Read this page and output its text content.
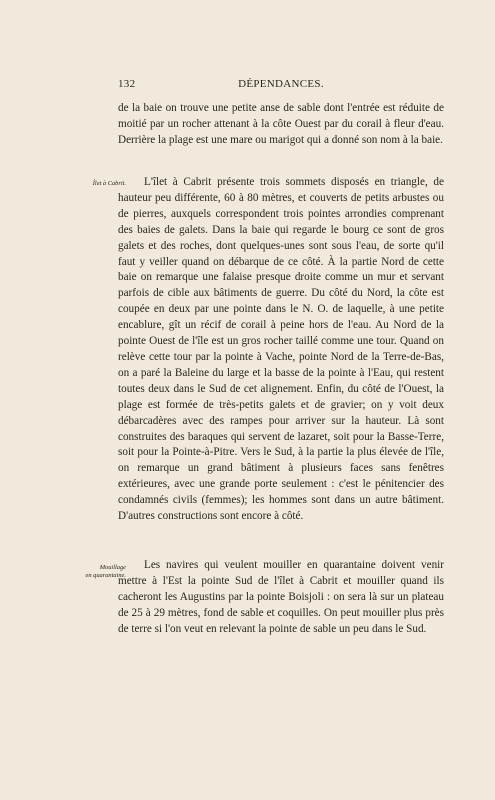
132	DÉPENDANCES.

de la baie on trouve une petite anse de sable dont l'entrée est réduite de moitié par un rocher attenant à la côte Ouest par du corail à fleur d'eau. Derrière la plage est une mare ou marigot qui a donné son nom à la baie.

Îlet à Cabrit.	L'îlet à Cabrit présente trois sommets disposés en triangle, de hauteur peu différente, 60 à 80 mètres, et couverts de petits arbustes ou de pierres, auxquels correspondent trois pointes arrondies comprenant des baies de galets. Dans la baie qui regarde le bourg ce sont de gros galets et des roches, dont quelques-unes sont sous l'eau, de sorte qu'il faut y veiller quand on débarque de ce côté. À la partie Nord de cette baie on remarque une falaise presque droite comme un mur et servant parfois de cible aux bâtiments de guerre. Du côté du Nord, la côte est coupée en deux par une pointe dans le N. O. de laquelle, à une petite encablure, gît un récif de corail à peine hors de l'eau. Au Nord de la pointe Ouest de l'île est un gros rocher taillé comme une tour. Quand on relève cette tour par la pointe à Vache, pointe Nord de la Terre-de-Bas, on a paré la Baleine du large et la basse de la pointe à l'Eau, qui restent toutes deux dans le Sud de cet alignement. Enfin, du côté de l'Ouest, la plage est formée de très-petits galets et de gravier; on y voit deux débarcadères avec des rampes pour arriver sur la hauteur. Là sont construites des baraques qui servent de lazaret, soit pour la Basse-Terre, soit pour la Pointe-à-Pitre. Vers le Sud, à la partie la plus élevée de l'île, on remarque un grand bâtiment à plusieurs faces sans fenêtres extérieures, avec une grande porte seulement : c'est le pénitencier des condamnés civils (femmes); les hommes sont dans un autre bâtiment. D'autres constructions sont encore à côté.

Mouillage
en quarantaine.

Les navires qui veulent mouiller en quarantaine doivent venir mettre à l'Est la pointe Sud de l'îlet à Cabrit et mouiller quand ils cacheront les Augustins par la pointe Boisjoli : on sera là sur un plateau de 25 à 29 mètres, fond de sable et coquilles. On peut mouiller plus près de terre si l'on veut en relevant la pointe de sable un peu dans le Sud.
